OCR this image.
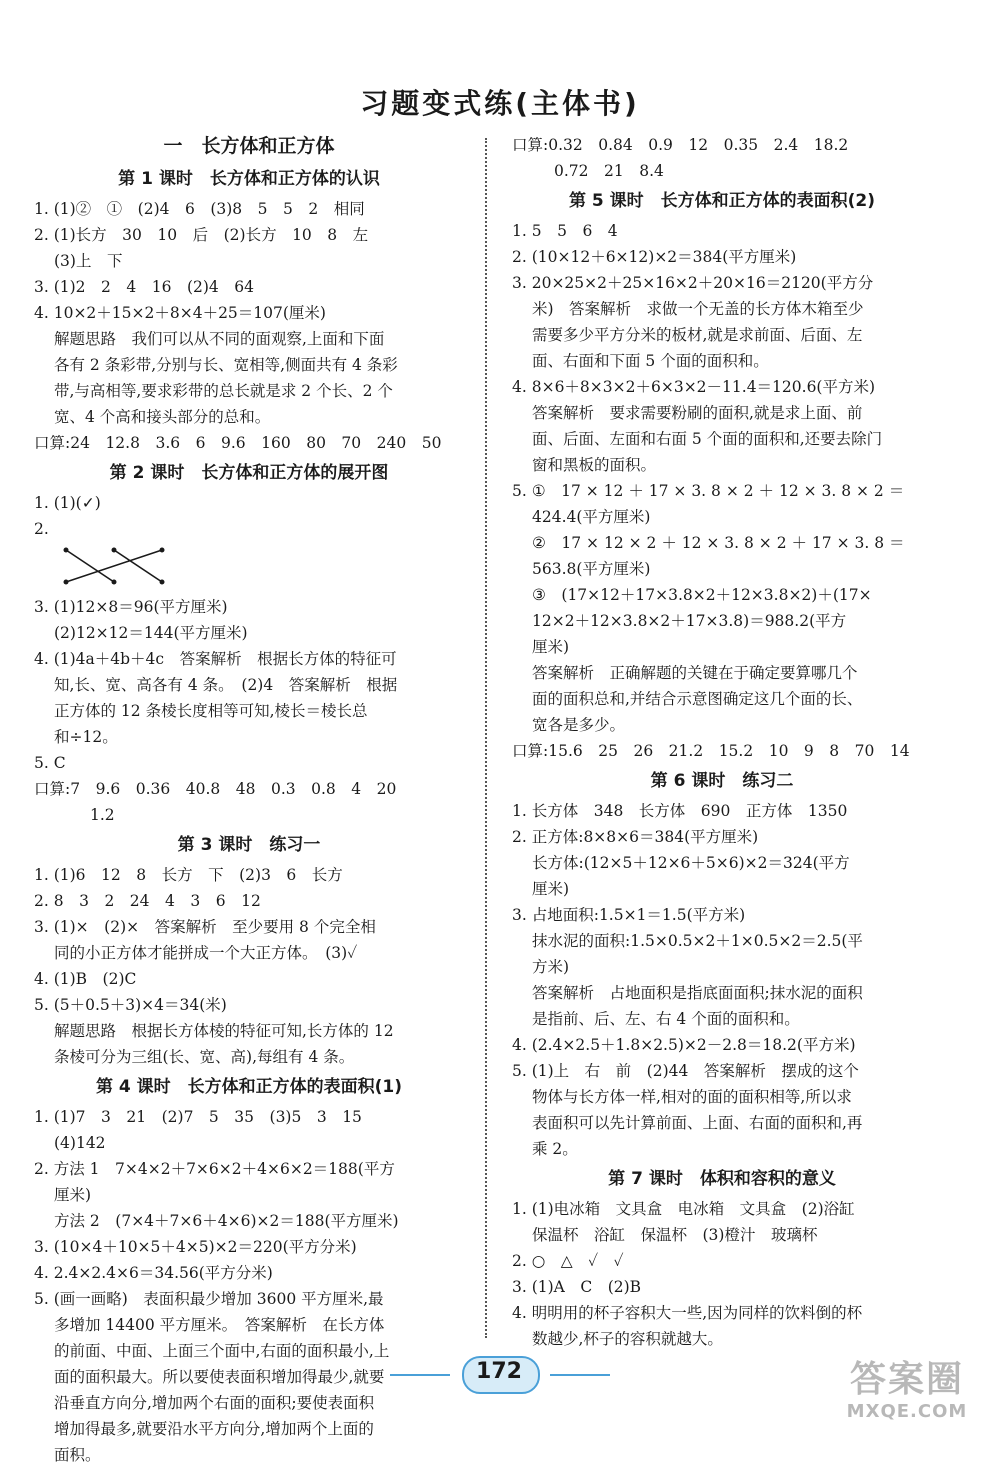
习题变式练(主体书)
一　长方体和正方体
第 1 课时　长方体和正方体的认识
1. (1)②　①　(2)4　6　(3)8　5　5　2　相同
2. (1)长方　30　10　后　(2)长方　10　8　左
(3)上　下
3. (1)2　2　4　16　(2)4　64
4. 10×2＋15×2＋8×4＋25＝107(厘米)
解题思路　我们可以从不同的面观察,上面和下面
各有 2 条彩带,分别与长、宽相等,侧面共有 4 条彩
带,与高相等,要求彩带的总长就是求 2 个长、2 个
宽、4 个高和接头部分的总和。
口算:24　12.8　3.6　6　9.6　160　80　70　240　50
第 2 课时　长方体和正方体的展开图
1. (1)(✓)
2.
3. (1)12×8＝96(平方厘米)
(2)12×12＝144(平方厘米)
4. (1)4a＋4b＋4c　答案解析　根据长方体的特征可
知,长、宽、高各有 4 条。　(2)4　答案解析　根据
正方体的 12 条棱长度相等可知,棱长＝棱长总
和÷12。
5. C
口算:7　9.6　0.36　40.8　48　0.3　0.8　4　20
1.2
第 3 课时　练习一
1. (1)6　12　8　长方　下　(2)3　6　长方
2. 8　3　2　24　4　3　6　12
3. (1)×　(2)×　答案解析　至少要用 8 个完全相
同的小正方体才能拼成一个大正方体。　(3)✓
4. (1)B　(2)C
5. (5＋0.5＋3)×4＝34(米)
解题思路　根据长方体棱的特征可知,长方体的 12
条棱可分为三组(长、宽、高),每组有 4 条。
第 4 课时　长方体和正方体的表面积(1)
1. (1)7　3　21　(2)7　5　35　(3)5　3　15
(4)142
2. 方法 1　7×4×2＋7×6×2＋4×6×2＝188(平方
厘米)
方法 2　(7×4＋7×6＋4×6)×2＝188(平方厘米)
3. (10×4＋10×5＋4×5)×2＝220(平方分米)
4. 2.4×2.4×6＝34.56(平方分米)
5. (画一画略)　表面积最少增加 3600 平方厘米,最
多增加 14400 平方厘米。　答案解析　在长方体
的前面、中面、上面三个面中,右面的面积最小,上
面的面积最大。所以要使表面积增加得最少,就要
沿垂直方向分,增加两个右面的面积;要使表面积
增加得最多,就要沿水平方向分,增加两个上面的
面积。
口算:0.32　0.84　0.9　12　0.35　2.4　18.2
0.72　21　8.4
第 5 课时　长方体和正方体的表面积(2)
1. 5　5　6　4
2. (10×12＋6×12)×2＝384(平方厘米)
3. 20×25×2＋25×16×2＋20×16＝2120(平方分
米)　答案解析　求做一个无盖的长方体木箱至少
需要多少平方分米的板材,就是求前面、后面、左
面、右面和下面 5 个面的面积和。
4. 8×6＋8×3×2＋6×3×2－11.4＝120.6(平方米)
答案解析　要求需要粉刷的面积,就是求上面、前
面、后面、左面和右面 5 个面的面积和,还要去除门
窗和黑板的面积。
5. ①　17 × 12 ＋ 17 × 3. 8 × 2 ＋ 12 × 3. 8 × 2 ＝
424.4(平方厘米)
②　17 × 12 × 2 ＋ 12 × 3. 8 × 2 ＋ 17 × 3. 8 ＝
563.8(平方厘米)
③　(17×12＋17×3.8×2＋12×3.8×2)＋(17×
12×2＋12×3.8×2＋17×3.8)＝988.2(平方
厘米)
答案解析　正确解题的关键在于确定要算哪几个
面的面积总和,并结合示意图确定这几个面的长、
宽各是多少。
口算:15.6　25　26　21.2　15.2　10　9　8　70　14
第 6 课时　练习二
1. 长方体　348　长方体　690　正方体　1350
2. 正方体:8×8×6＝384(平方厘米)
长方体:(12×5＋12×6＋5×6)×2＝324(平方
厘米)
3. 占地面积:1.5×1＝1.5(平方米)
抹水泥的面积:1.5×0.5×2＋1×0.5×2＝2.5(平
方米)
答案解析　占地面积是指底面面积;抹水泥的面积
是指前、后、左、右 4 个面的面积和。
4. (2.4×2.5＋1.8×2.5)×2－2.8＝18.2(平方米)
5. (1)上　右　前　(2)44　答案解析　摆成的这个
物体与长方体一样,相对的面的面积相等,所以求
表面积可以先计算前面、上面、右面的面积和,再
乘 2。
第 7 课时　体积和容积的意义
1. (1)电冰箱　文具盒　电冰箱　文具盒　(2)浴缸
保温杯　浴缸　保温杯　(3)橙汁　玻璃杯
2. ○　△　✓　✓
3. (1)A　C　(2)B
4. 明明用的杯子容积大一些,因为同样的饮料倒的杯
数越少,杯子的容积就越大。
172	答案圈
MXQE.COM
